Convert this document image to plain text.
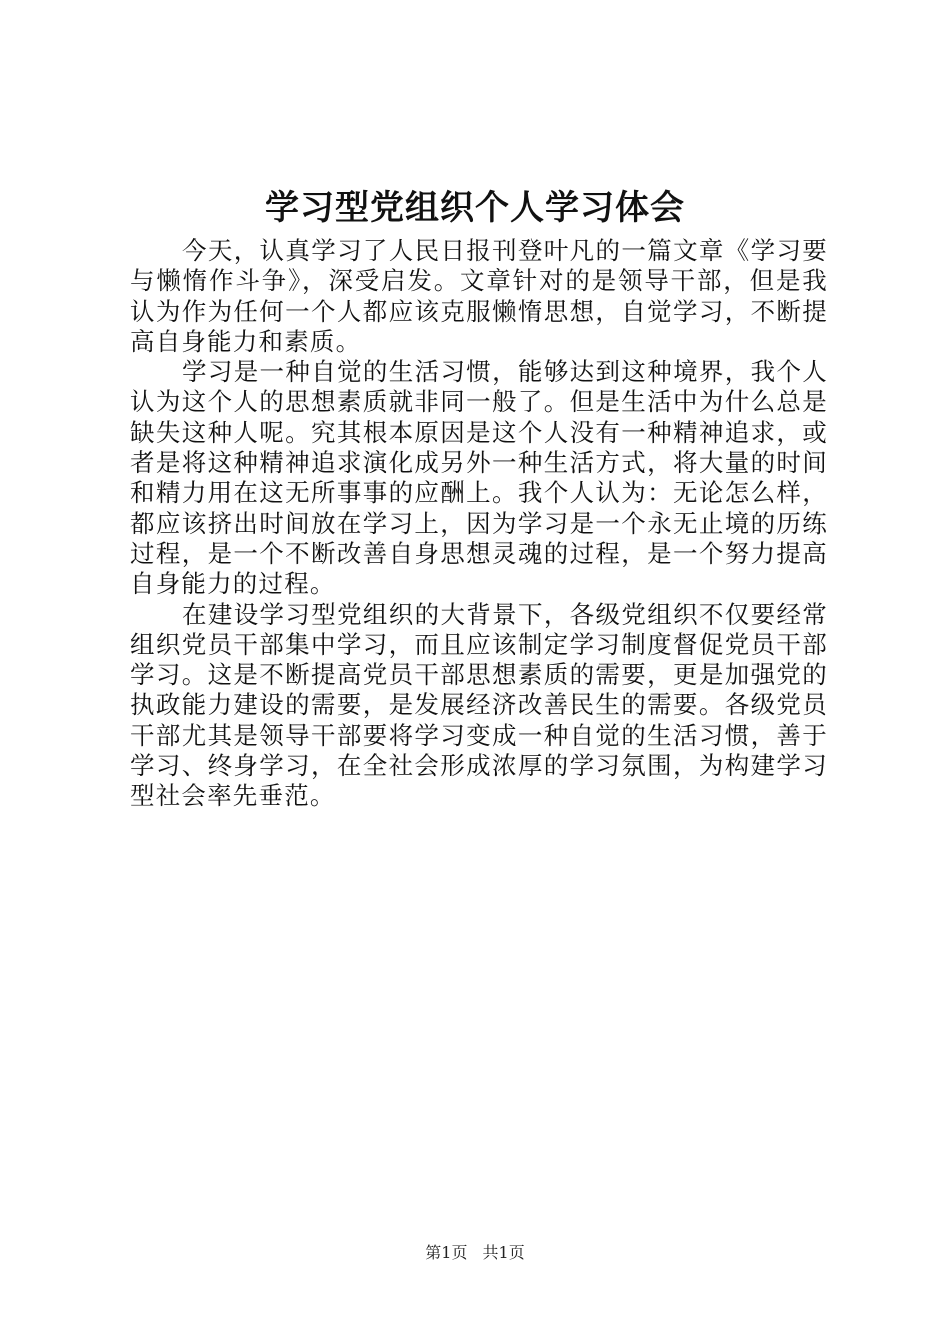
学习型党组织个人学习体会

今天，认真学习了人民日报刊登叶凡的一篇文章《学习要与懒惰作斗争》，深受启发。文章针对的是领导干部，但是我认为作为任何一个人都应该克服懒惰思想，自觉学习，不断提高自身能力和素质。

学习是一种自觉的生活习惯，能够达到这种境界，我个人认为这个人的思想素质就非同一般了。但是生活中为什么总是缺失这种人呢。究其根本原因是这个人没有一种精神追求，或者是将这种精神追求演化成另外一种生活方式，将大量的时间和精力用在这无所事事的应酬上。我个人认为：无论怎么样，都应该挤出时间放在学习上，因为学习是一个永无止境的历练过程，是一个不断改善自身思想灵魂的过程，是一个努力提高自身能力的过程。

在建设学习型党组织的大背景下，各级党组织不仅要经常组织党员干部集中学习，而且应该制定学习制度督促党员干部学习。这是不断提高党员干部思想素质的需要，更是加强党的执政能力建设的需要，是发展经济改善民生的需要。各级党员干部尤其是领导干部要将学习变成一种自觉的生活习惯，善于学习、终身学习，在全社会形成浓厚的学习氛围，为构建学习型社会率先垂范。

第1页 共1页
